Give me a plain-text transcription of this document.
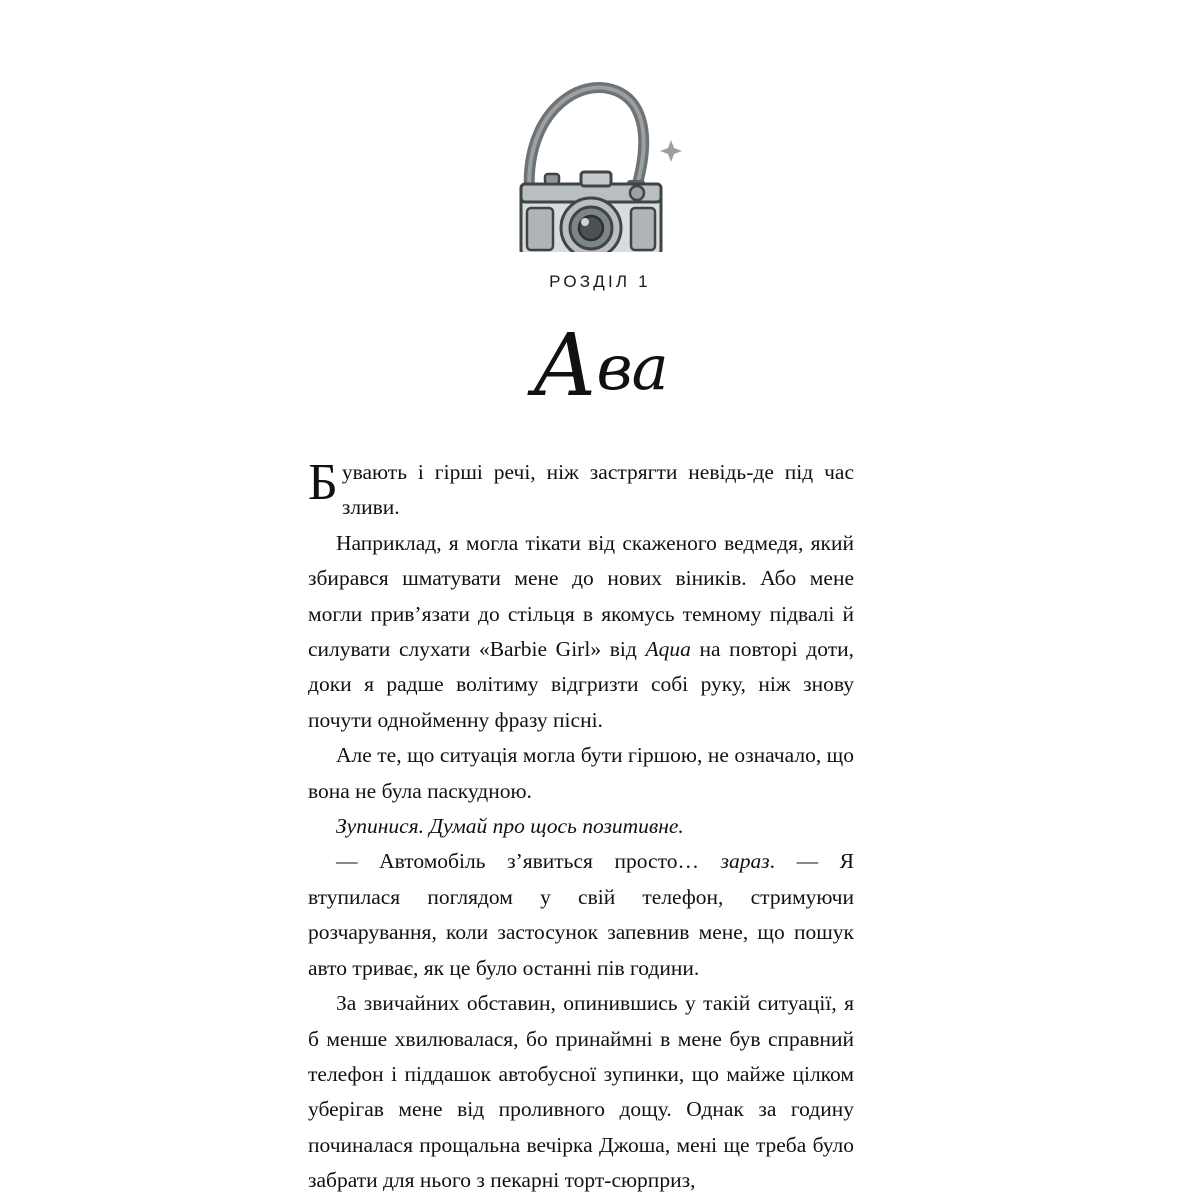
РОЗДІЛ 1
Ава

Бувають і гірші речі, ніж застрягти невідь-де під час зливи.

Наприклад, я могла тікати від скаженого ведмедя, який збирався шматувати мене до нових віників. Або мене могли прив’язати до стільця в якомусь темному підвалі й силувати слухати «Barbie Girl» від Aqua на повторі доти, доки я радше волітиму відгризти собі руку, ніж знову почути однойменну фразу пісні.

Але те, що ситуація могла бути гіршою, не означало, що вона не була паскудною.

Зупинися. Думай про щось позитивне.

— Автомобіль з’явиться просто… зараз. — Я втупилася поглядом у свій телефон, стримуючи розчарування, коли застосунок запевнив мене, що пошук авто триває, як це було останні пів години.

За звичайних обставин, опинившись у такій ситуації, я б менше хвилювалася, бо принаймні в мене був справний телефон і піддашок автобусної зупинки, що майже цілком уберігав мене від проливного дощу. Однак за годину починалася прощальна вечірка Джоша, мені ще треба було забрати для нього з пекарні торт-сюрприз,
